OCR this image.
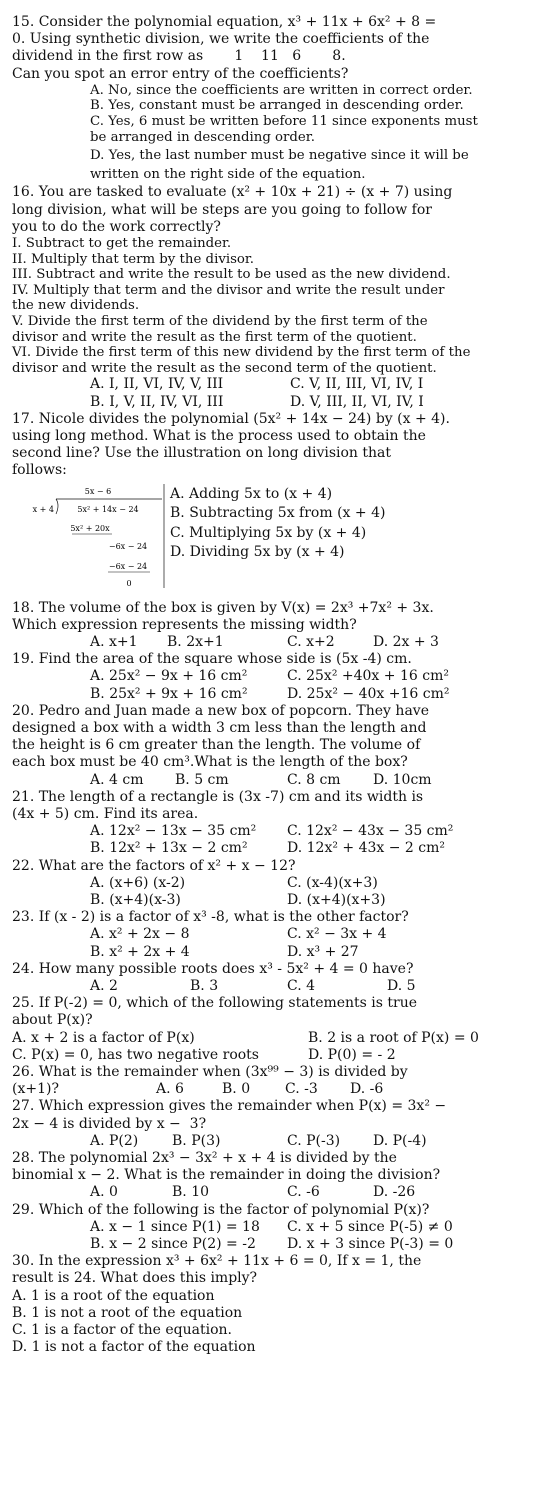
15. Consider the polynomial equation, x³ + 11x + 6x² + 8 =

0. Using synthetic division, we write the coefficients of the

dividend in the first row as       1    11   6       8.

Can you spot an error entry of the coefficients?

A. No, since the coefficients are written in correct order.

B. Yes, constant must be arranged in descending order.

C. Yes, 6 must be written before 11 since exponents must

be arranged in descending order.

D. Yes, the last number must be negative since it will be

written on the right side of the equation.

16. You are tasked to evaluate (x² + 10x + 21) ÷ (x + 7) using

long division, what will be steps are you going to follow for

you to do the work correctly?

I. Subtract to get the remainder.

II. Multiply that term by the divisor.

III. Subtract and write the result to be used as the new dividend.

IV. Multiply that term and the divisor and write the result under

the new dividends.

V. Divide the first term of the dividend by the first term of the

divisor and write the result as the first term of the quotient.

VI. Divide the first term of this new dividend by the first term of the

divisor and write the result as the second term of the quotient.

A. I, II, VI, IV, V, III	C. V, II, III, VI, IV, I
B. I, V, II, IV, VI, III	D. V, III, II, VI, IV, I

17. Nicole divides the polynomial (5x² + 14x − 24) by (x + 4).

using long method. What is the process used to obtain the

second line? Use the illustration on long division that

follows:

5x − 6
x + 4	5x² + 14x − 24
5x² + 20x
−6x − 24
−6x − 24
0
A. Adding 5x to (x + 4)
B. Subtracting 5x from (x + 4)
C. Multiplying 5x by (x + 4)
D. Dividing 5x by (x + 4)

18. The volume of the box is given by V(x) = 2x³ +7x² + 3x.

Which expression represents the missing width?

A. x+1	B. 2x+1	C. x+2	D. 2x + 3

19. Find the area of the square whose side is (5x -4) cm.

A. 25x² − 9x + 16 cm²	C. 25x² +40x + 16 cm²
B. 25x² + 9x + 16 cm²	D. 25x² − 40x +16 cm²

20. Pedro and Juan made a new box of popcorn. They have

designed a box with a width 3 cm less than the length and

the height is 6 cm greater than the length. The volume of

each box must be 40 cm³.What is the length of the box?

A. 4 cm	B. 5 cm	C. 8 cm	D. 10cm

21. The length of a rectangle is (3x -7) cm and its width is

(4x + 5) cm. Find its area.

A. 12x² − 13x − 35 cm²	C. 12x² − 43x − 35 cm²
B. 12x² + 13x − 2 cm²	D. 12x² + 43x − 2 cm²

22. What are the factors of x² + x − 12?

A. (x+6) (x-2)	C. (x-4)(x+3)
B. (x+4)(x-3)	D. (x+4)(x+3)

23. If (x - 2) is a factor of x³ -8, what is the other factor?

A. x² + 2x − 8	C. x² − 3x + 4
B. x² + 2x + 4	D. x³ + 27

24. How many possible roots does x³ - 5x² + 4 = 0 have?

A. 2	B. 3	C. 4	D. 5

25. If P(-2) = 0, which of the following statements is true

about P(x)?

A. x + 2 is a factor of P(x)	B. 2 is a root of P(x) = 0
C. P(x) = 0, has two negative roots	D. P(0) = - 2

26. What is the remainder when (3x⁹⁹ − 3) is divided by

(x+1)?	A. 6	B. 0	C. -3	D. -6

27. Which expression gives the remainder when P(x) = 3x² −

2x − 4 is divided by x −  3?

A. P(2)	B. P(3)	C. P(-3)	D. P(-4)

28. The polynomial 2x³ − 3x² + x + 4 is divided by the

binomial x − 2. What is the remainder in doing the division?

A. 0	B. 10	C. -6	D. -26

29. Which of the following is the factor of polynomial P(x)?

A. x − 1 since P(1) = 18	C. x + 5 since P(-5) ≠ 0
B. x − 2 since P(2) = -2	D. x + 3 since P(-3) = 0

30. In the expression x³ + 6x² + 11x + 6 = 0, If x = 1, the

result is 24. What does this imply?

A. 1 is a root of the equation

B. 1 is not a root of the equation

C. 1 is a factor of the equation.

D. 1 is not a factor of the equation
